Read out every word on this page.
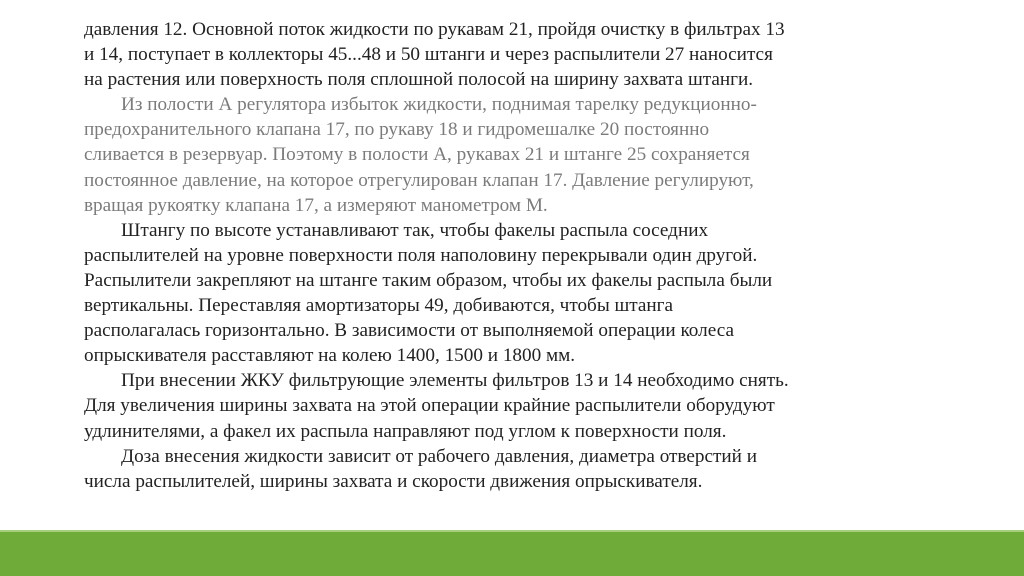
давления 12. Основной поток жидкости по рукавам 21, пройдя очистку в фильтрах 13
и 14, поступает в коллекторы 45...48 и 50 штанги и через распылители 27 наносится
на растения или поверхность поля сплошной полосой на ширину захвата штанги.
Из полости А регулятора избыток жидкости, поднимая тарелку редукционно-
предохранительного клапана 17, по рукаву 18 и гидромешалке 20 постоянно
сливается в резервуар. Поэтому в полости А, рукавах 21 и штанге 25 сохраняется
постоянное давление, на которое отрегулирован клапан 17. Давление регулируют,
вращая рукоятку клапана 17, а измеряют манометром М.
Штангу по высоте устанавливают так, чтобы факелы распыла соседних
распылителей на уровне поверхности поля наполовину перекрывали один другой.
Распылители закрепляют на штанге таким образом, чтобы их факелы распыла были
вертикальны. Переставляя амортизаторы 49, добиваются, чтобы штанга
располагалась горизонтально. В зависимости от выполняемой операции колеса
опрыскивателя расставляют на колею 1400, 1500 и 1800 мм.
При внесении ЖКУ фильтрующие элементы фильтров 13 и 14 необходимо снять.
Для увеличения ширины захвата на этой операции крайние распылители оборудуют
удлинителями, а факел их распыла направляют под углом к поверхности поля.
Доза внесения жидкости зависит от рабочего давления, диаметра отверстий и
числа распылителей, ширины захвата и скорости движения опрыскивателя.
